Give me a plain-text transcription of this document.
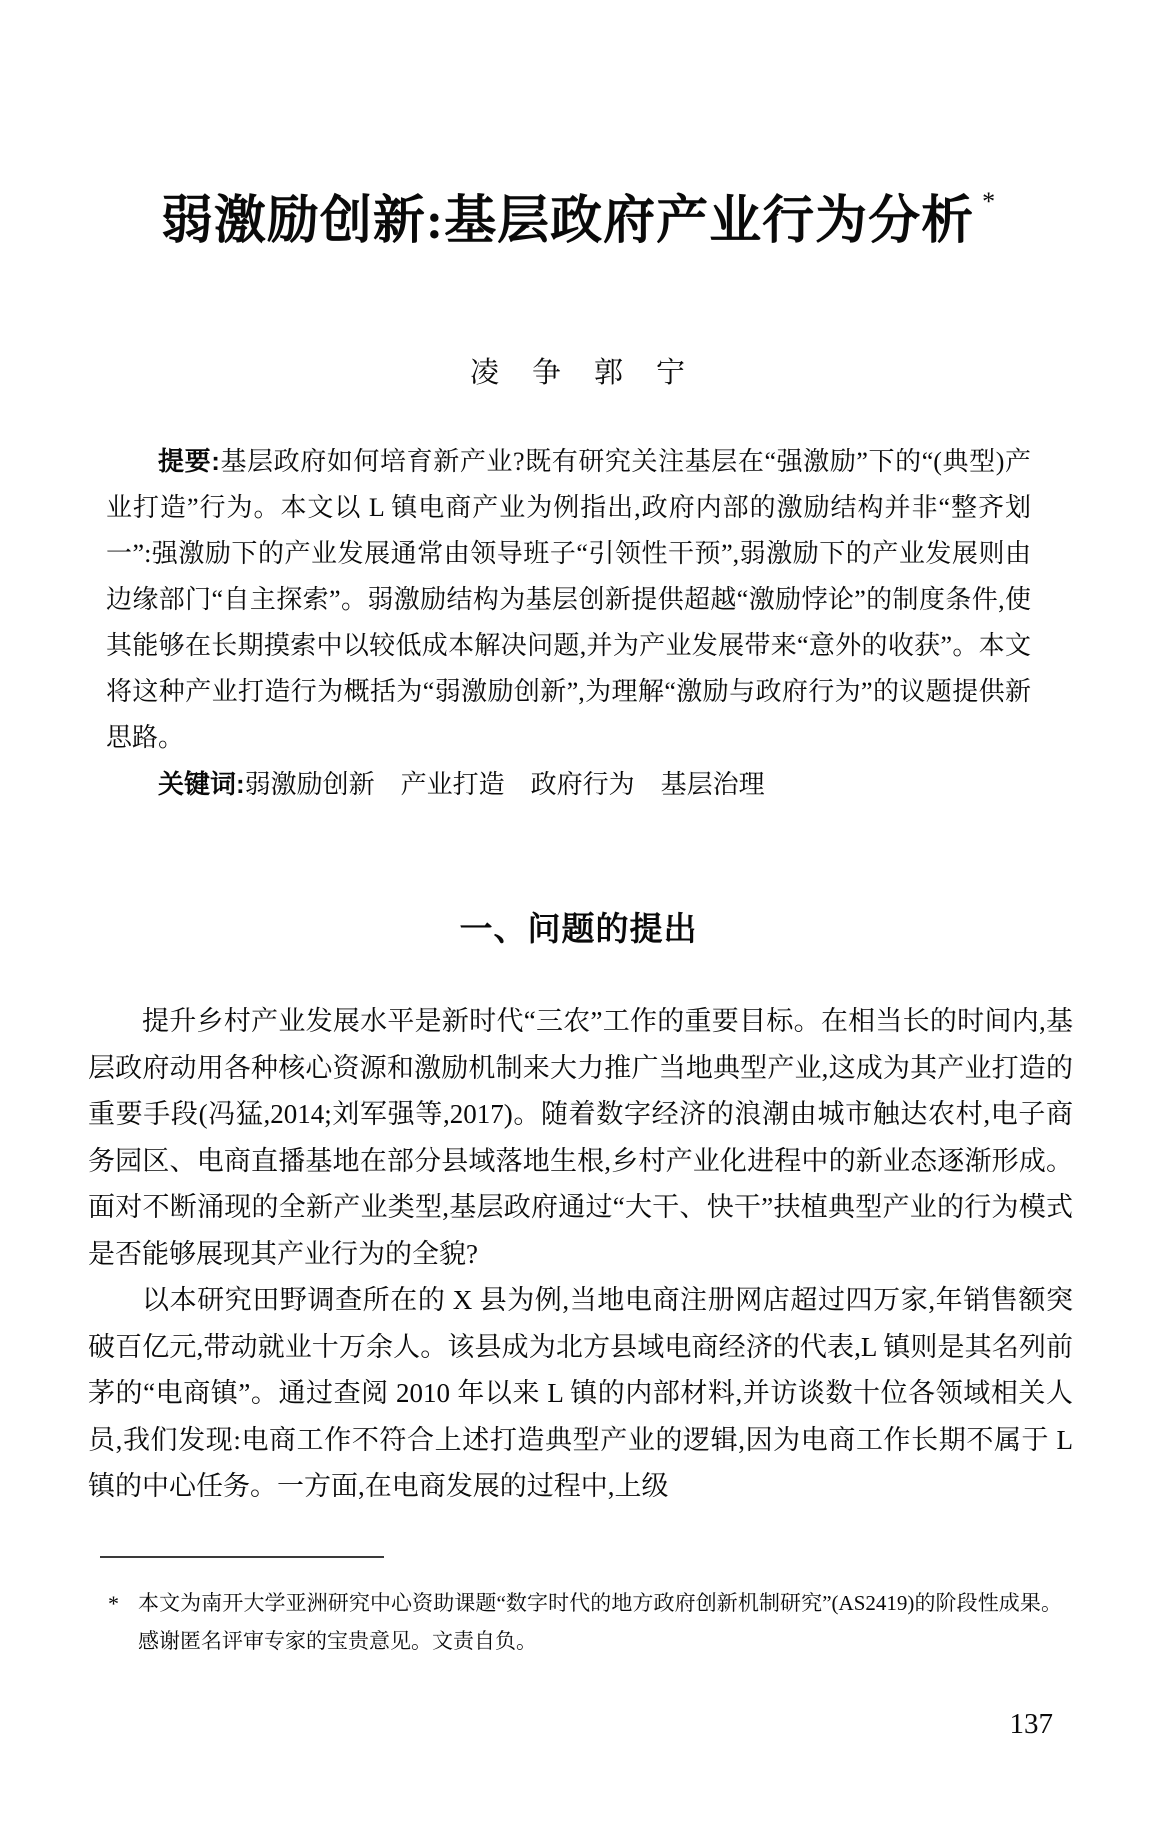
弱激励创新:基层政府产业行为分析 *
凌　争　郭　宁

提要:基层政府如何培育新产业?既有研究关注基层在“强激励”下的“(典型)产业打造”行为。本文以 L 镇电商产业为例指出,政府内部的激励结构并非“整齐划一”:强激励下的产业发展通常由领导班子“引领性干预”,弱激励下的产业发展则由边缘部门“自主探索”。弱激励结构为基层创新提供超越“激励悖论”的制度条件,使其能够在长期摸索中以较低成本解决问题,并为产业发展带来“意外的收获”。本文将这种产业打造行为概括为“弱激励创新”,为理解“激励与政府行为”的议题提供新思路。

关键词:弱激励创新　产业打造　政府行为　基层治理

一、问题的提出

提升乡村产业发展水平是新时代“三农”工作的重要目标。在相当长的时间内,基层政府动用各种核心资源和激励机制来大力推广当地典型产业,这成为其产业打造的重要手段(冯猛,2014;刘军强等,2017)。随着数字经济的浪潮由城市触达农村,电子商务园区、电商直播基地在部分县域落地生根,乡村产业化进程中的新业态逐渐形成。面对不断涌现的全新产业类型,基层政府通过“大干、快干”扶植典型产业的行为模式是否能够展现其产业行为的全貌?

以本研究田野调查所在的 X 县为例,当地电商注册网店超过四万家,年销售额突破百亿元,带动就业十万余人。该县成为北方县域电商经济的代表,L 镇则是其名列前茅的“电商镇”。通过查阅 2010 年以来 L 镇的内部材料,并访谈数十位各领域相关人员,我们发现:电商工作不符合上述打造典型产业的逻辑,因为电商工作长期不属于 L 镇的中心任务。一方面,在电商发展的过程中,上级

* 本文为南开大学亚洲研究中心资助课题“数字时代的地方政府创新机制研究”(AS2419)的阶段性成果。感谢匿名评审专家的宝贵意见。文责自负。
137
